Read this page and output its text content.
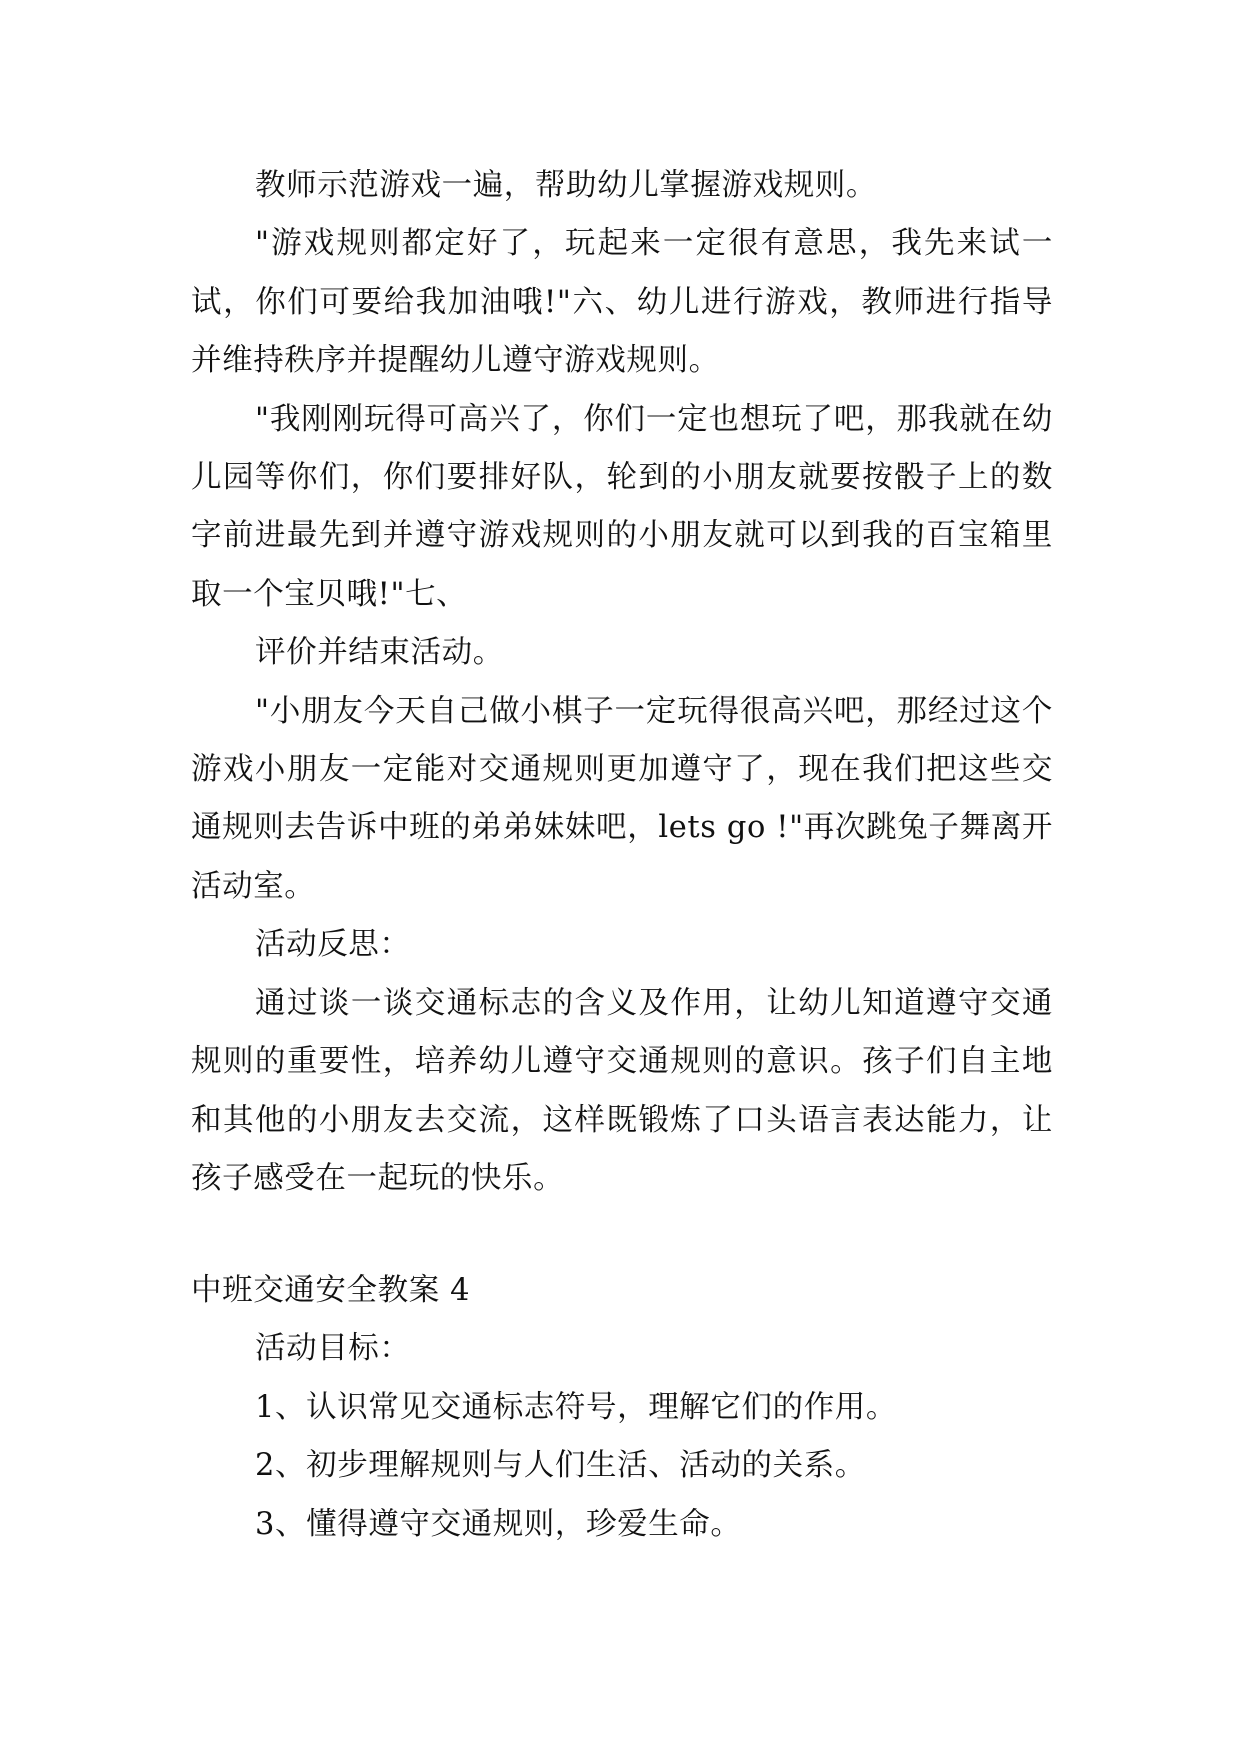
教师示范游戏一遍，帮助幼儿掌握游戏规则。

"游戏规则都定好了，玩起来一定很有意思，我先来试一试，你们可要给我加油哦!"六、幼儿进行游戏，教师进行指导并维持秩序并提醒幼儿遵守游戏规则。

"我刚刚玩得可高兴了，你们一定也想玩了吧，那我就在幼儿园等你们，你们要排好队，轮到的小朋友就要按骰子上的数字前进最先到并遵守游戏规则的小朋友就可以到我的百宝箱里取一个宝贝哦!"七、

评价并结束活动。

"小朋友今天自己做小棋子一定玩得很高兴吧，那经过这个游戏小朋友一定能对交通规则更加遵守了，现在我们把这些交通规则去告诉中班的弟弟妹妹吧，lets go !"再次跳兔子舞离开活动室。

活动反思：

通过谈一谈交通标志的含义及作用，让幼儿知道遵守交通规则的重要性，培养幼儿遵守交通规则的意识。孩子们自主地和其他的小朋友去交流，这样既锻炼了口头语言表达能力，让孩子感受在一起玩的快乐。

中班交通安全教案 4

活动目标：

1、认识常见交通标志符号，理解它们的作用。

2、初步理解规则与人们生活、活动的关系。

3、懂得遵守交通规则，珍爱生命。
